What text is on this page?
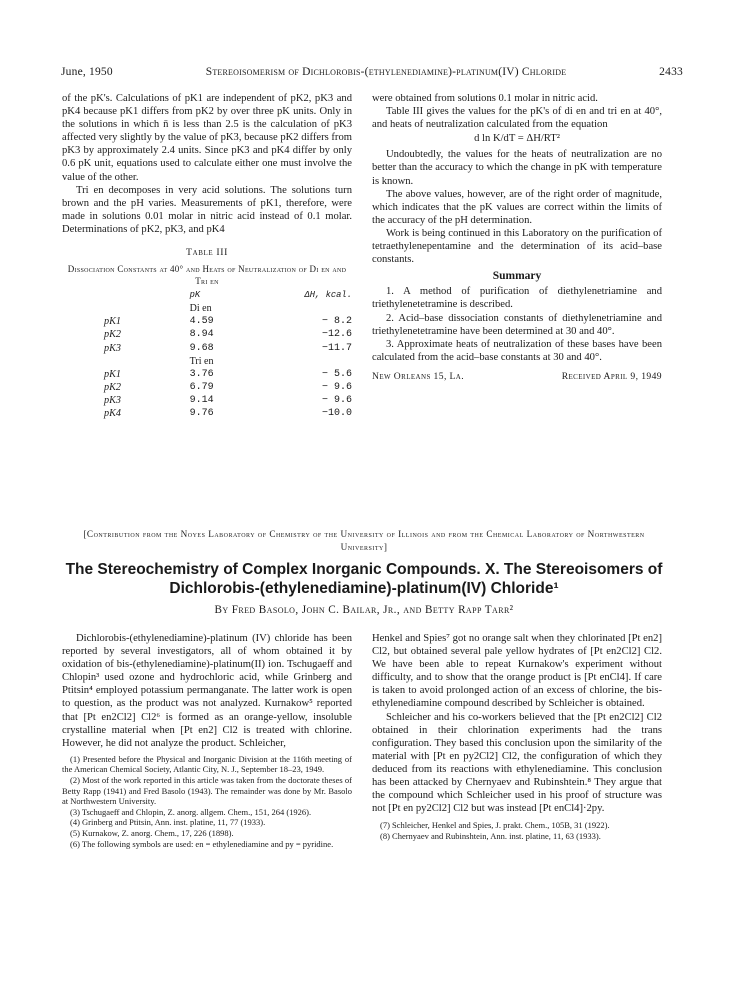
June, 1950	Stereoisomerism of Dichlorobis-(ethylenediamine)-platinum(IV) Chloride	2433

of the pK's. Calculations of pK1 are independent of pK2, pK3 and pK4 because pK1 differs from pK2 by over three pK units. Only in the solutions in which n̄ is less than 2.5 is the calculation of pK3 affected very slightly by the value of pK3, because pK2 differs from pK3 by approximately 2.4 units. Since pK3 and pK4 differ by only 0.6 pK unit, equations used to calculate either one must involve the value of the other.

Tri en decomposes in very acid solutions. The solutions turn brown and the pH varies. Measurements of pK1, therefore, were made in solutions 0.01 molar in nitric acid instead of 0.1 molar. Determinations of pK2, pK3, and pK4

Table III
Dissociation Constants at 40° and Heats of Neutralization of Di en and Tri en
	pK	ΔH, kcal.
	Di en	
pK1	4.59	− 8.2
pK2	8.94	−12.6
pK3	9.68	−11.7
	Tri en	
pK1	3.76	− 5.6
pK2	6.79	− 9.6
pK3	9.14	− 9.6
pK4	9.76	−10.0

were obtained from solutions 0.1 molar in nitric acid.

Table III gives the values for the pK's of di en and tri en at 40°, and heats of neutralization calculated from the equation

d ln K/dT = ΔH/RT²

Undoubtedly, the values for the heats of neutralization are no better than the accuracy to which the change in pK with temperature is known.

The above values, however, are of the right order of magnitude, which indicates that the pK values are correct within the limits of the accuracy of the pH determination.

Work is being continued in this Laboratory on the purification of tetraethylenepentamine and the determination of its acid–base constants.

Summary

1. A method of purification of diethylenetriamine and triethylenetetramine is described.

2. Acid–base dissociation constants of diethylenetriamine and triethylenetetramine have been determined at 30 and 40°.

3. Approximate heats of neutralization of these bases have been calculated from the acid–base constants at 30 and 40°.

New Orleans 15, La.	Received April 9, 1949
[Contribution from the Noyes Laboratory of Chemistry of the University of Illinois and from the Chemical Laboratory of Northwestern University]
The Stereochemistry of Complex Inorganic Compounds. X. The Stereoisomers of Dichlorobis-(ethylenediamine)-platinum(IV) Chloride¹
By Fred Basolo, John C. Bailar, Jr., and Betty Rapp Tarr²

Dichlorobis-(ethylenediamine)-platinum (IV) chloride has been reported by several investigators, all of whom obtained it by oxidation of bis-(ethylenediamine)-platinum(II) ion. Tschugaeff and Chlopin³ used ozone and hydrochloric acid, while Grinberg and Ptitsin⁴ employed potassium permanganate. The latter work is open to question, as the product was not analyzed. Kurnakow⁵ reported that [Pt en2Cl2] Cl2⁶ is formed as an orange-yellow, insoluble crystalline material when [Pt en2] Cl2 is treated with chlorine. However, he did not analyze the product. Schleicher,

(1) Presented before the Physical and Inorganic Division at the 116th meeting of the American Chemical Society, Atlantic City, N. J., September 18–23, 1949.

(2) Most of the work reported in this article was taken from the doctorate theses of Betty Rapp (1941) and Fred Basolo (1943). The remainder was done by Mr. Basolo at Northwestern University.

(3) Tschugaeff and Chlopin, Z. anorg. allgem. Chem., 151, 264 (1926).

(4) Grinberg and Ptitsin, Ann. inst. platine, 11, 77 (1933).

(5) Kurnakow, Z. anorg. Chem., 17, 226 (1898).

(6) The following symbols are used: en = ethylenediamine and py = pyridine.

Henkel and Spies⁷ got no orange salt when they chlorinated [Pt en2] Cl2, but obtained several pale yellow hydrates of [Pt en2Cl2] Cl2. We have been able to repeat Kurnakow's experiment without difficulty, and to show that the orange product is [Pt enCl4]. If care is taken to avoid prolonged action of an excess of chlorine, the bis-ethylenediamine compound described by Schleicher is obtained.

Schleicher and his co-workers believed that the [Pt en2Cl2] Cl2 obtained in their chlorination experiments had the trans configuration. They based this conclusion upon the similarity of the material with [Pt en py2Cl2] Cl2, the configuration of which they deduced from its reactions with ethylenediamine. This conclusion has been attacked by Chernyaev and Rubinshtein.⁸ They argue that the compound which Schleicher used in his proof of structure was not [Pt en py2Cl2] Cl2 but was instead [Pt enCl4]·2py.

(7) Schleicher, Henkel and Spies, J. prakt. Chem., 105B, 31 (1922).

(8) Chernyaev and Rubinshtein, Ann. inst. platine, 11, 63 (1933).
